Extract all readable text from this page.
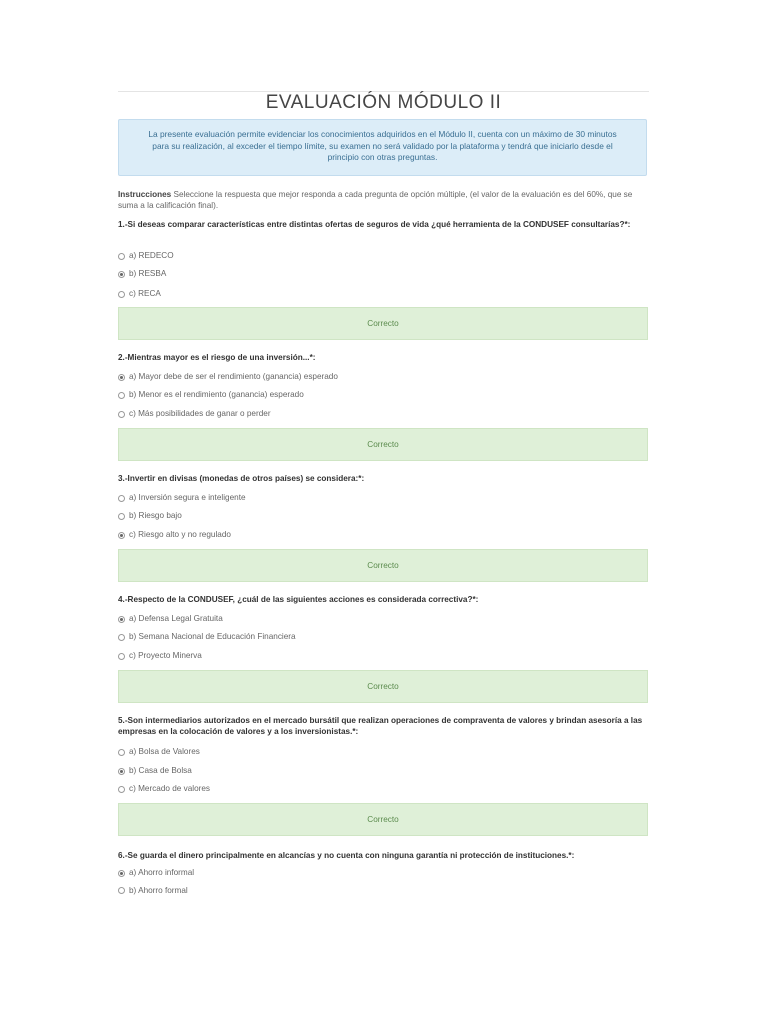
EVALUACIÓN MÓDULO II
La presente evaluación permite evidenciar los conocimientos adquiridos en el Módulo II, cuenta con un máximo de 30 minutos para su realización, al exceder el tiempo límite, su examen no será validado por la plataforma y tendrá que iniciarlo desde el principio con otras preguntas.
Instrucciones Seleccione la respuesta que mejor responda a cada pregunta de opción múltiple, (el valor de la evaluación es del 60%, que se suma a la calificación final).
1.-Si deseas comparar características entre distintas ofertas de seguros de vida ¿qué herramienta de la CONDUSEF consultarías?*:
a) REDECO
b) RESBA
c) RECA
Correcto
2.-Mientras mayor es el riesgo de una inversión...*:
a) Mayor debe de ser el rendimiento (ganancia) esperado
b) Menor es el rendimiento (ganancia) esperado
c) Más posibilidades de ganar o perder
Correcto
3.-Invertir en divisas (monedas de otros países) se considera:*:
a) Inversión segura e inteligente
b) Riesgo bajo
c) Riesgo alto y no regulado
Correcto
4.-Respecto de la CONDUSEF, ¿cuál de las siguientes acciones es considerada correctiva?*:
a) Defensa Legal Gratuita
b) Semana Nacional de Educación Financiera
c) Proyecto Minerva
Correcto
5.-Son intermediarios autorizados en el mercado bursátil que realizan operaciones de compraventa de valores y brindan asesoría a las empresas en la colocación de valores y a los inversionistas.*:
a) Bolsa de Valores
b) Casa de Bolsa
c) Mercado de valores
Correcto
6.-Se guarda el dinero principalmente en alcancías y no cuenta con ninguna garantía ni protección de instituciones.*:
a) Ahorro informal
b) Ahorro formal
